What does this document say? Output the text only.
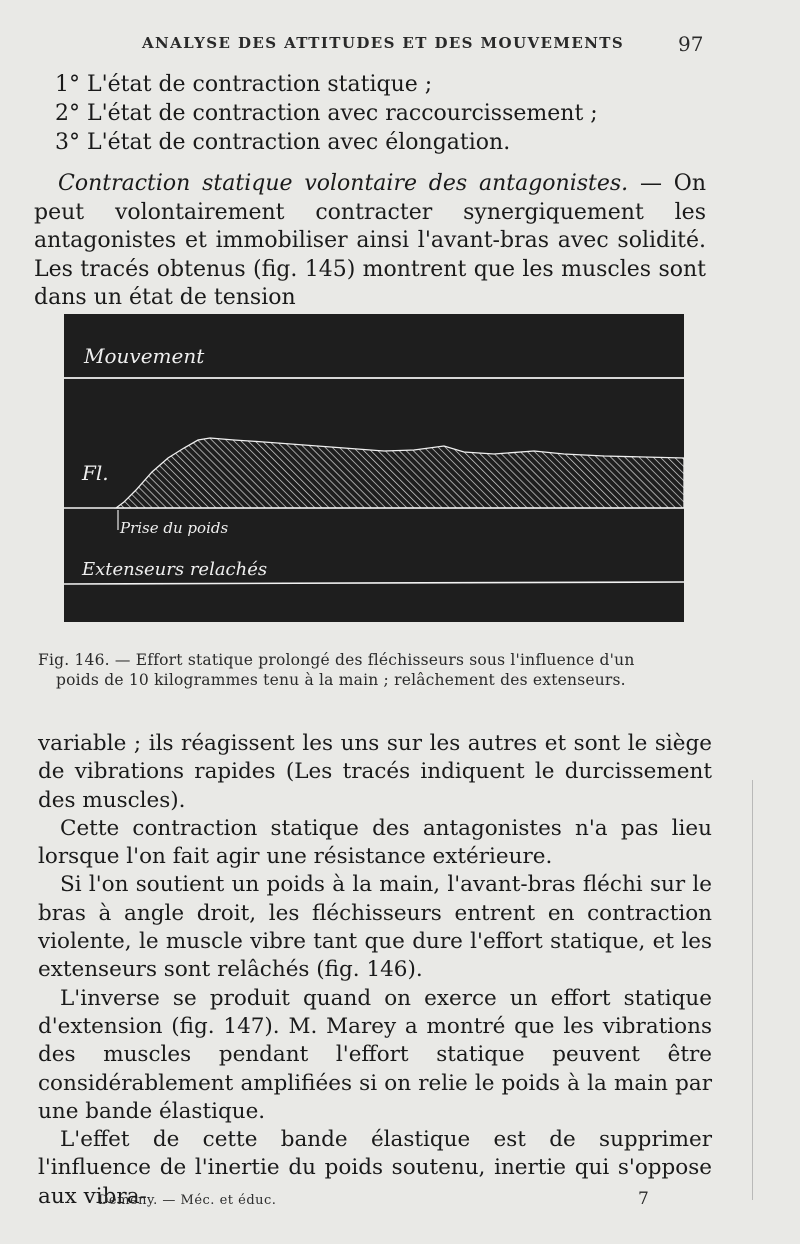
ANALYSE DES ATTITUDES ET DES MOUVEMENTS	97
1° L'état de contraction statique ;
2° L'état de contraction avec raccourcissement ;
3° L'état de contraction avec élongation.
Contraction statique volontaire des antagonistes. — On peut volontairement contracter synergiquement les antagonistes et immobiliser ainsi l'avant-bras avec solidité. Les tracés obtenus (fig. 145) montrent que les muscles sont dans un état de tension
Mouvement
Fl.
Prise du poids
Extenseurs relachés
Fig. 146. — Effort statique prolongé des fléchisseurs sous l'influence d'un
poids de 10 kilogrammes tenu à la main ; relâchement des extenseurs.

variable ; ils réagissent les uns sur les autres et sont le siège de vibrations rapides (Les tracés indiquent le durcissement des muscles).

Cette contraction statique des antagonistes n'a pas lieu lorsque l'on fait agir une résistance extérieure.

Si l'on soutient un poids à la main, l'avant-bras fléchi sur le bras à angle droit, les fléchisseurs entrent en contraction violente, le muscle vibre tant que dure l'effort statique, et les extenseurs sont relâchés (fig. 146).

L'inverse se produit quand on exerce un effort statique d'extension (fig. 147). M. Marey a montré que les vibrations des muscles pendant l'effort statique peuvent être considérablement amplifiées si on relie le poids à la main par une bande élastique.

L'effet de cette bande élastique est de supprimer l'influence de l'inertie du poids soutenu, inertie qui s'oppose aux vibra-

Demeny. — Méc. et éduc.	7
